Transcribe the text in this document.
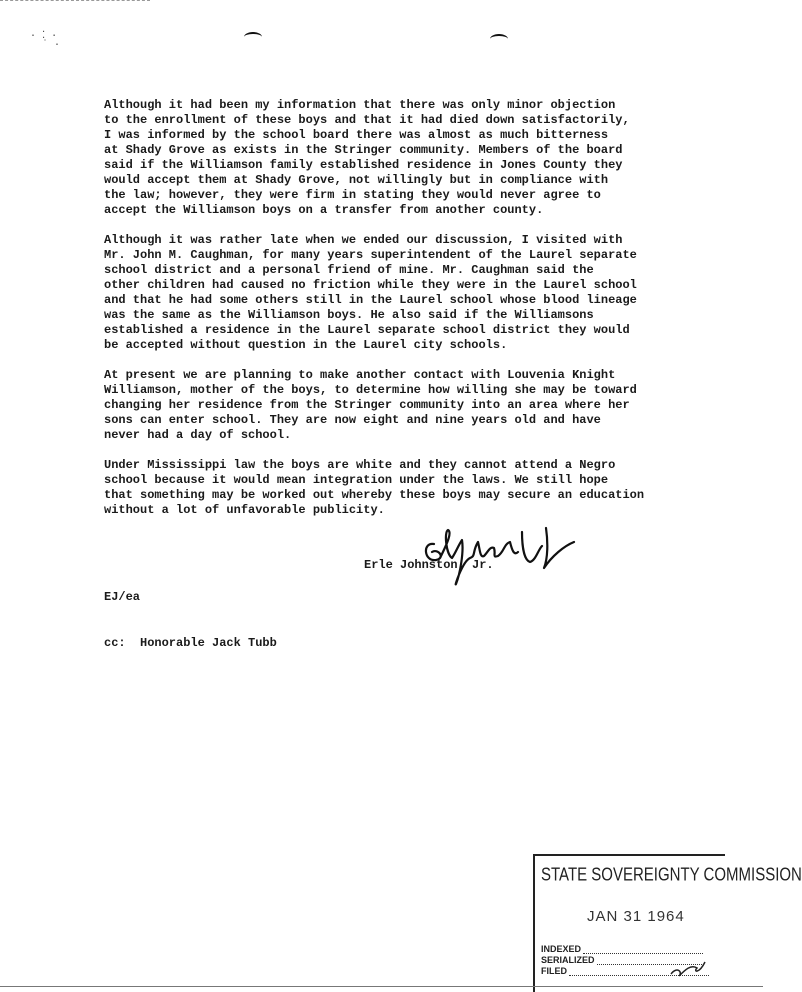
· ⁚ ·
˙ ·

Although it had been my information that there was only minor objection
to the enrollment of these boys and that it had died down satisfactorily,
I was informed by the school board there was almost as much bitterness
at Shady Grove as exists in the Stringer community. Members of the board
said if the Williamson family established residence in Jones County they
would accept them at Shady Grove, not willingly but in compliance with
the law; however, they were firm in stating they would never agree to
accept the Williamson boys on a transfer from another county.

Although it was rather late when we ended our discussion, I visited with
Mr. John M. Caughman, for many years superintendent of the Laurel separate
school district and a personal friend of mine. Mr. Caughman said the
other children had caused no friction while they were in the Laurel school
and that he had some others still in the Laurel school whose blood lineage
was the same as the Williamson boys. He also said if the Williamsons
established a residence in the Laurel separate school district they would
be accepted without question in the Laurel city schools.

At present we are planning to make another contact with Louvenia Knight
Williamson, mother of the boys, to determine how willing she may be toward
changing her residence from the Stringer community into an area where her
sons can enter school. They are now eight and nine years old and have
never had a day of school.

Under Mississippi law the boys are white and they cannot attend a Negro
school because it would mean integration under the laws. We still hope
that something may be worked out whereby these boys may secure an education
without a lot of unfavorable publicity.

Erle Johnston, Jr.
EJ/ea
cc:  Honorable Jack Tubb
STATE SOVEREIGNTY COMMISSION
JAN 31 1964
INDEXED
SERIALIZED
FILED
